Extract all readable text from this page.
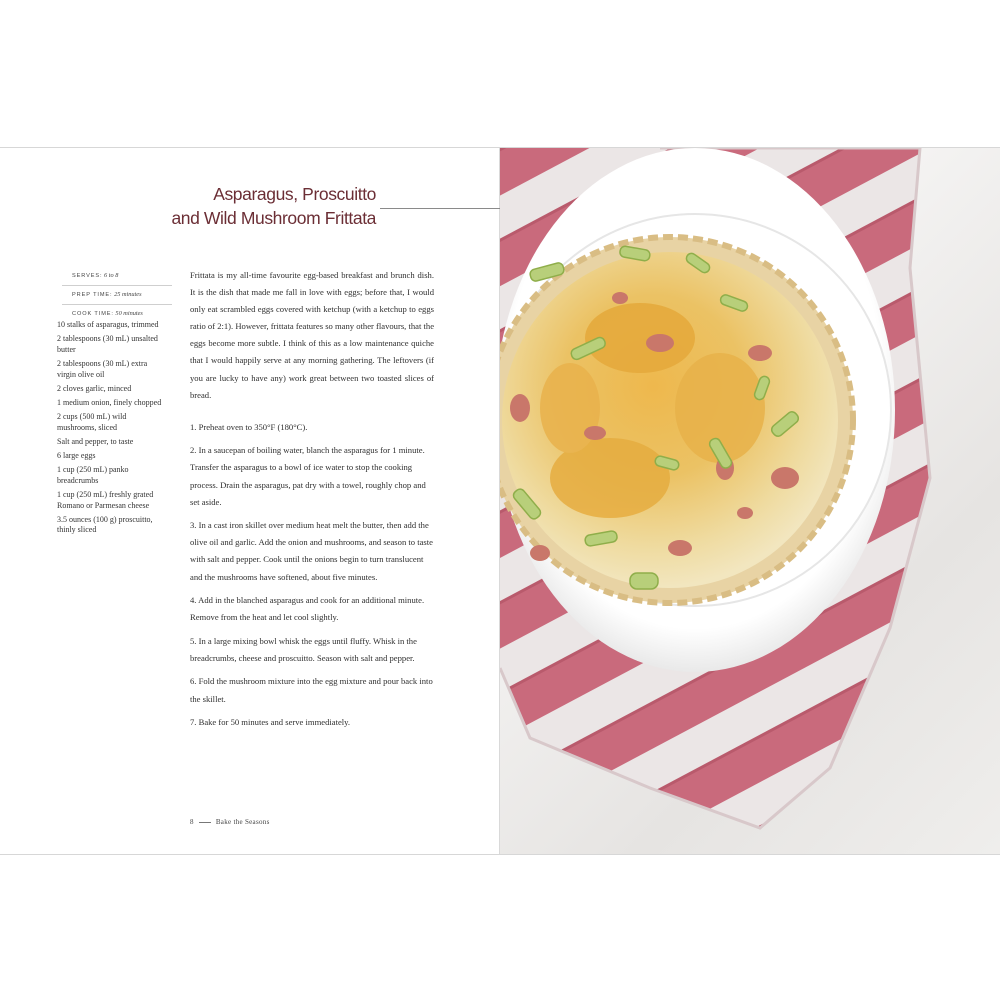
Asparagus, Proscuitto
and Wild Mushroom Frittata
SERVES: 6 to 8
PREP TIME: 25 minutes
COOK TIME: 50 minutes
10 stalks of asparagus, trimmed
2 tablespoons (30 mL) unsalted butter
2 tablespoons (30 mL) extra virgin olive oil
2 cloves garlic, minced
1 medium onion, finely chopped
2 cups (500 mL) wild mushrooms, sliced
Salt and pepper, to taste
6 large eggs
1 cup (250 mL) panko breadcrumbs
1 cup (250 mL) freshly grated Romano or Parmesan cheese
3.5 ounces (100 g) proscuitto, thinly sliced

Frittata is my all-time favourite egg-based breakfast and brunch dish. It is the dish that made me fall in love with eggs; before that, I would only eat scrambled eggs covered with ketchup (with a ketchup to eggs ratio of 2:1). However, frittata features so many other flavours, that the eggs become more subtle. I think of this as a low maintenance quiche that I would happily serve at any morning gathering. The leftovers (if you are lucky to have any) work great between two toasted slices of bread.

1. Preheat oven to 350°F (180°C).
2. In a saucepan of boiling water, blanch the asparagus for 1 minute. Transfer the asparagus to a bowl of ice water to stop the cooking process. Drain the asparagus, pat dry with a towel, roughly chop and set aside.
3. In a cast iron skillet over medium heat melt the butter, then add the olive oil and garlic. Add the onion and mushrooms, and season to taste with salt and pepper. Cook until the onions begin to turn translucent and the mushrooms have softened, about five minutes.
4. Add in the blanched asparagus and cook for an additional minute. Remove from the heat and let cool slightly.
5. In a large mixing bowl whisk the eggs until fluffy. Whisk in the breadcrumbs, cheese and proscuitto. Season with salt and pepper.
6. Fold the mushroom mixture into the egg mixture and pour back into the skillet.
7. Bake for 50 minutes and serve immediately.
8	Bake the Seasons
